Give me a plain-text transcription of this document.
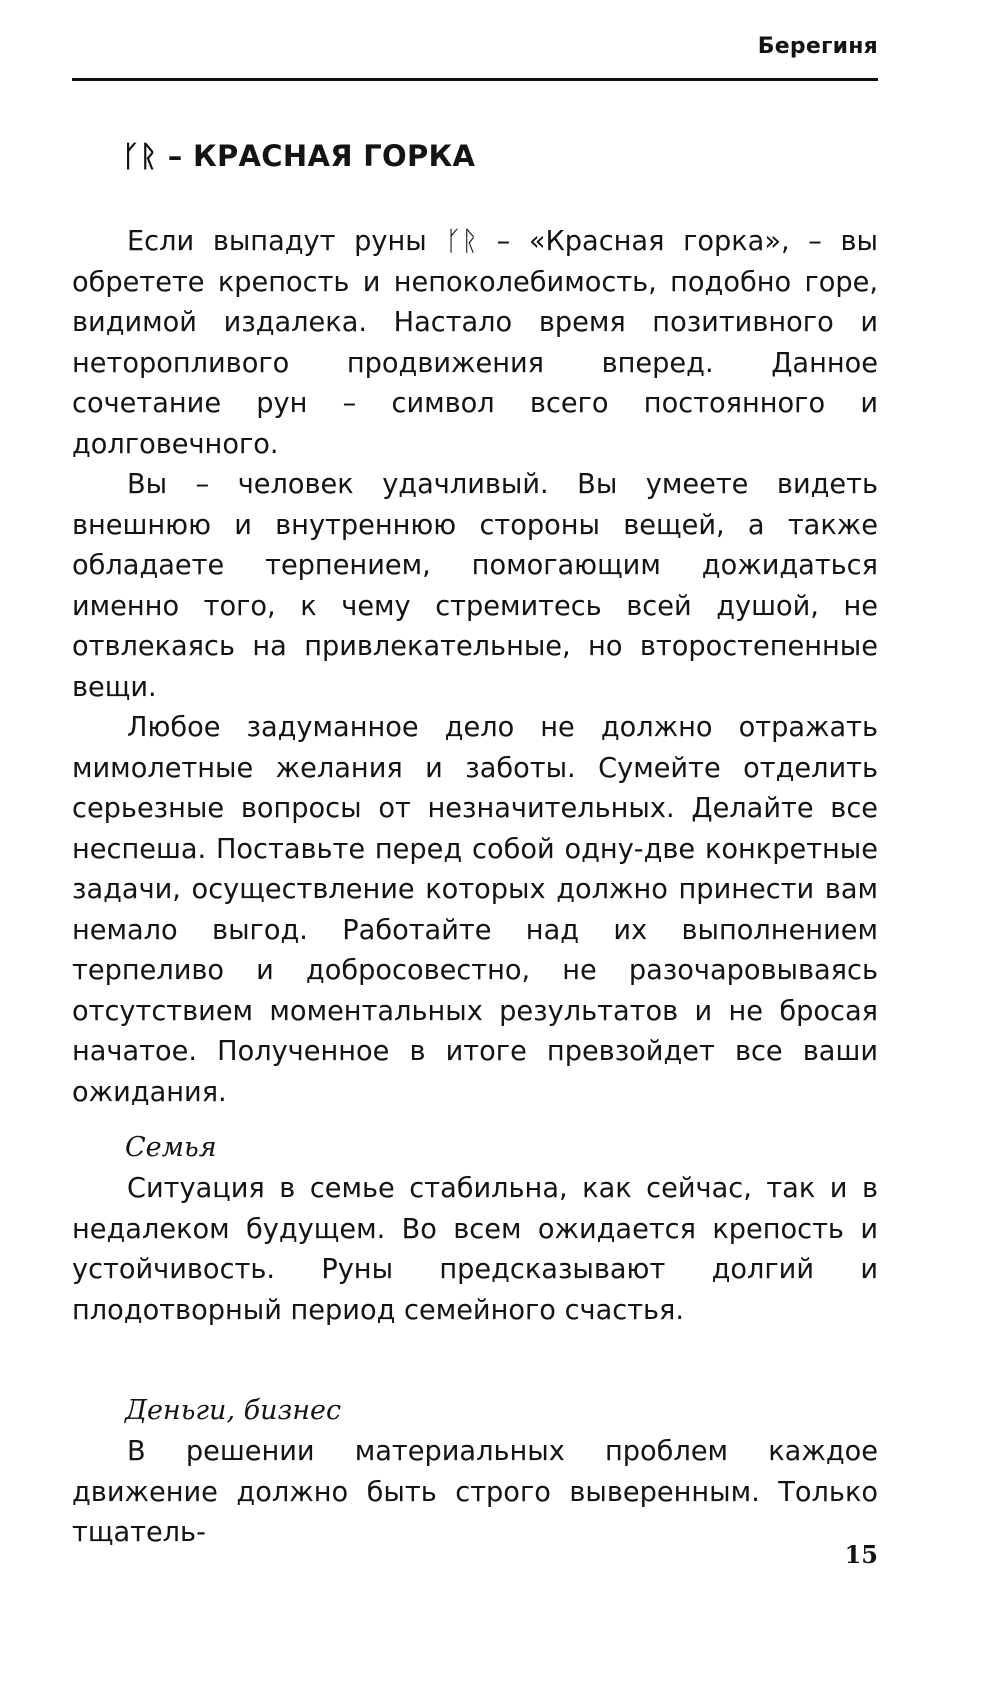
Берегиня
ᚴᚱ – КРАСНАЯ ГОРКА

Если выпадут руны ᚴᚱ – «Красная горка», – вы обретете крепость и непоколебимость, подобно горе, видимой издалека. Настало время позитивного и неторопливого продвижения вперед. Данное сочетание рун – символ всего постоянного и долговечного.

Вы – человек удачливый. Вы умеете видеть внешнюю и внутреннюю стороны вещей, а также обладаете терпением, помогающим дожидаться именно того, к чему стремитесь всей душой, не отвлекаясь на привлекательные, но второстепенные вещи.

Любое задуманное дело не должно отражать мимолетные желания и заботы. Сумейте отделить серьезные вопросы от незначительных. Делайте все неспеша. Поставьте перед собой одну-две конкретные задачи, осуществление которых должно принести вам немало выгод. Работайте над их выполнением терпеливо и добросовестно, не разочаровываясь отсутствием моментальных результатов и не бросая начатое. Полученное в итоге превзойдет все ваши ожидания.

Семья

Ситуация в семье стабильна, как сейчас, так и в недалеком будущем. Во всем ожидается крепость и устойчивость. Руны предсказывают долгий и плодотворный период семейного счастья.

Деньги, бизнес

В решении материальных проблем каждое движение должно быть строго выверенным. Только тщатель-

15
